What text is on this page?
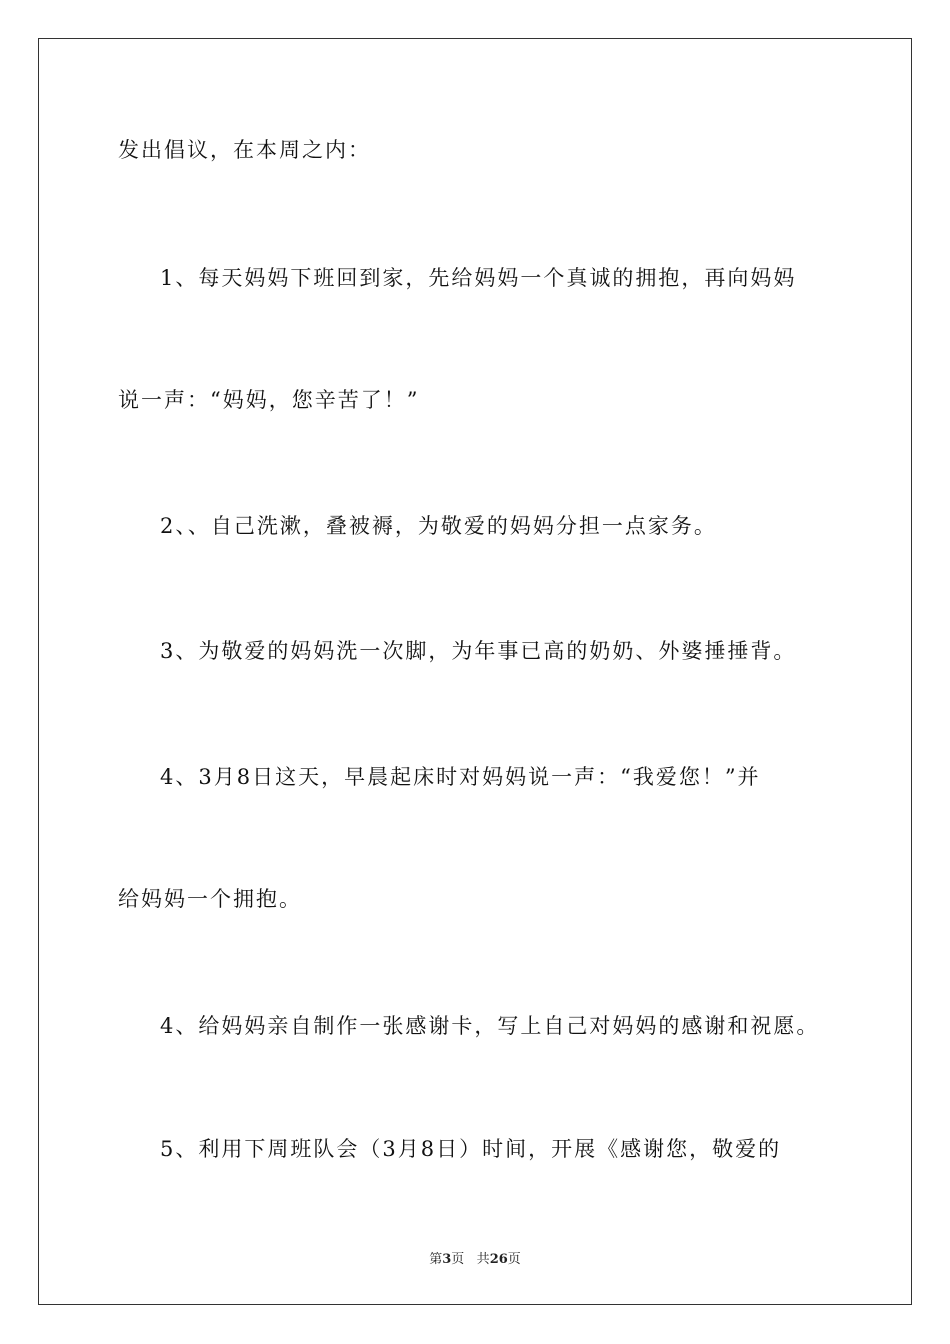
发出倡议，在本周之内：
1、每天妈妈下班回到家，先给妈妈一个真诚的拥抱，再向妈妈
说一声：“妈妈，您辛苦了！”
2、、自己洗漱，叠被褥，为敬爱的妈妈分担一点家务。
3、为敬爱的妈妈洗一次脚，为年事已高的奶奶、外婆捶捶背。
4、3月8日这天，早晨起床时对妈妈说一声：“我爱您！”并
给妈妈一个拥抱。
4、给妈妈亲自制作一张感谢卡，写上自己对妈妈的感谢和祝愿。
5、利用下周班队会（3月8日）时间，开展《感谢您，敬爱的
第3页 共26页
